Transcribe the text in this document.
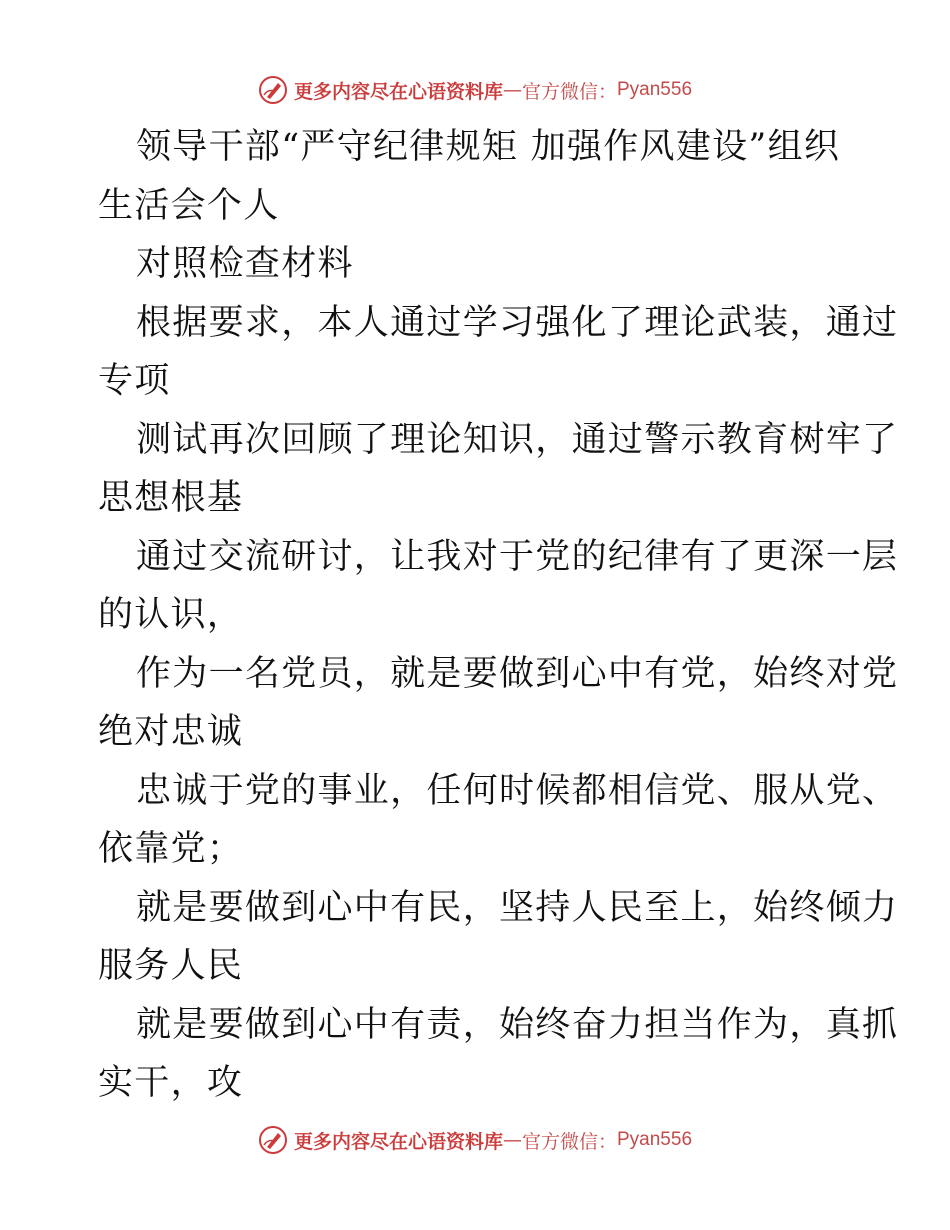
更多内容尽在心语资料库 — 官方微信： Pyan556
领导干部“严守纪律规矩 加强作风建设”组织
生活会个人
对照检查材料
根据要求，本人通过学习强化了理论武装，通过
专项
测试再次回顾了理论知识，通过警示教育树牢了
思想根基
通过交流研讨，让我对于党的纪律有了更深一层
的认识，
作为一名党员，就是要做到心中有党，始终对党
绝对忠诚
忠诚于党的事业，任何时候都相信党、服从党、
依靠党；
就是要做到心中有民，坚持人民至上，始终倾力
服务人民
就是要做到心中有责，始终奋力担当作为，真抓
实干，攻
更多内容尽在心语资料库 — 官方微信： Pyan556
